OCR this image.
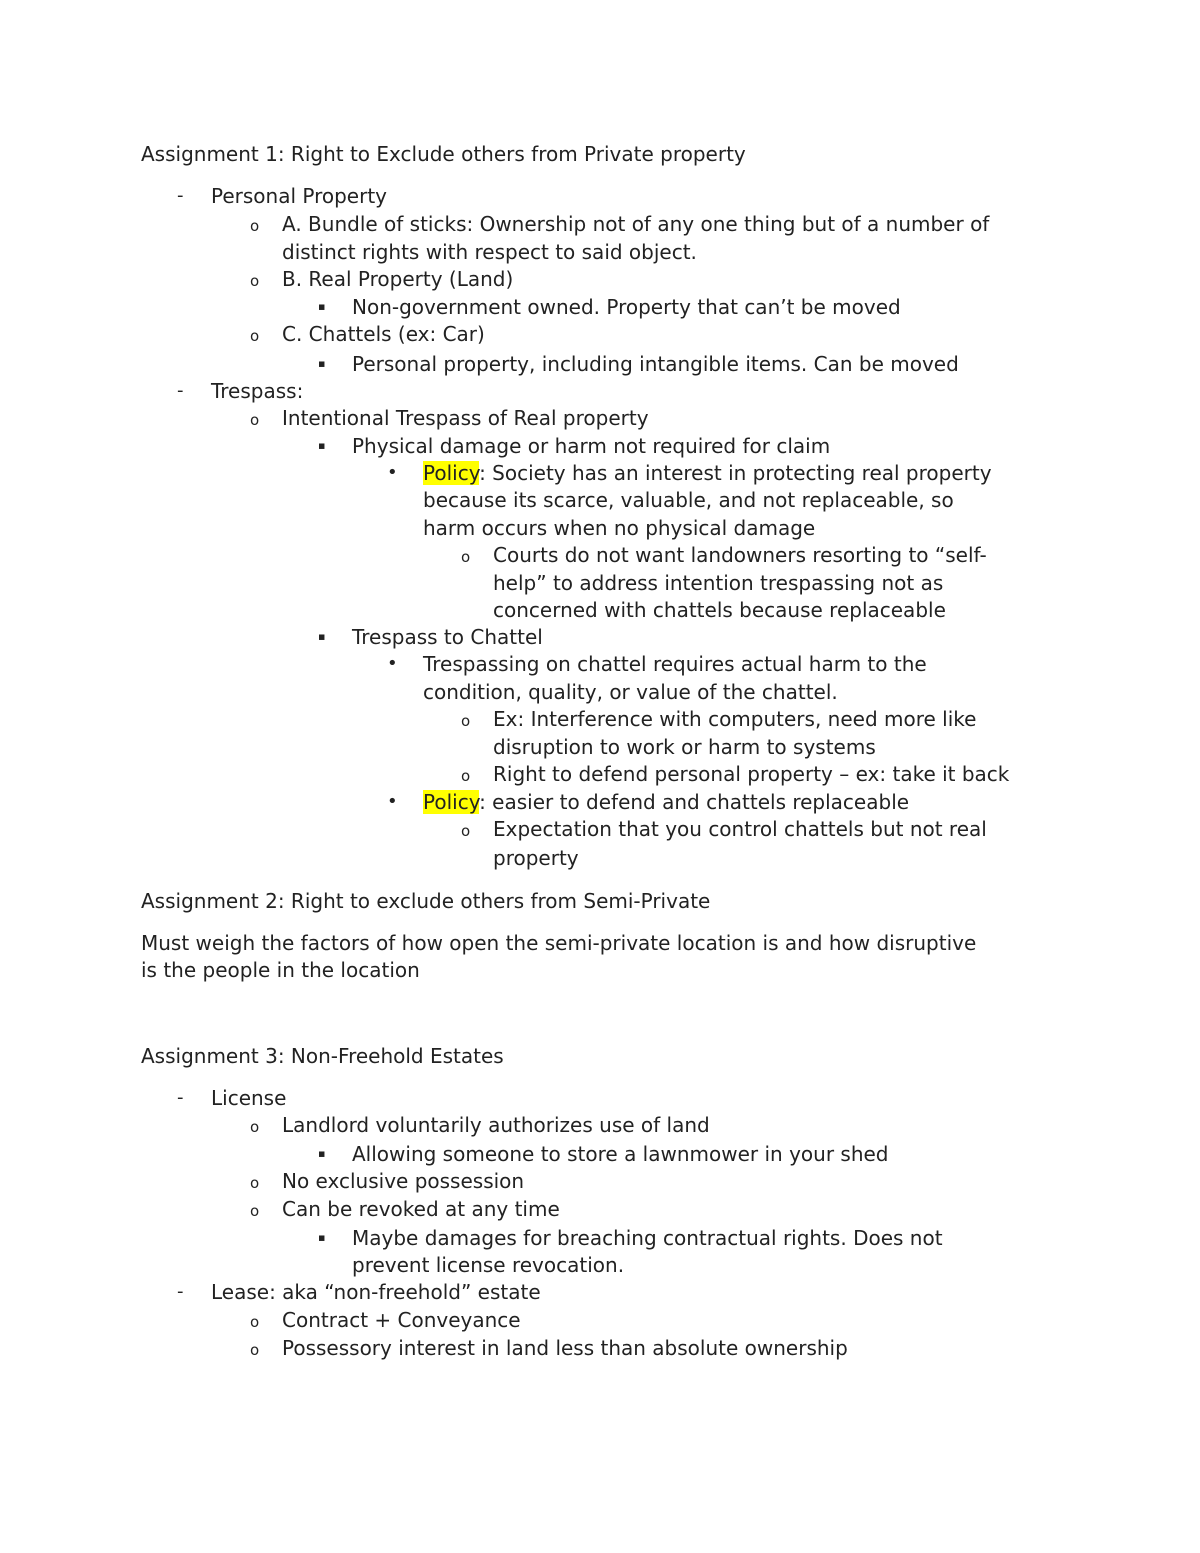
Assignment 1: Right to Exclude others from Private property
- Personal Property
o A. Bundle of sticks: Ownership not of any one thing but of a number of
distinct rights with respect to said object.
o B. Real Property (Land)
▪ Non-government owned. Property that can’t be moved
o C. Chattels (ex: Car)
▪ Personal property, including intangible items. Can be moved
- Trespass:
o Intentional Trespass of Real property
▪ Physical damage or harm not required for claim
• Policy: Society has an interest in protecting real property
because its scarce, valuable, and not replaceable, so
harm occurs when no physical damage
o Courts do not want landowners resorting to “self-
help” to address intention trespassing not as
concerned with chattels because replaceable
▪ Trespass to Chattel
• Trespassing on chattel requires actual harm to the
condition, quality, or value of the chattel.
o Ex: Interference with computers, need more like
disruption to work or harm to systems
o Right to defend personal property – ex: take it back
• Policy: easier to defend and chattels replaceable
o Expectation that you control chattels but not real
property
Assignment 2: Right to exclude others from Semi-Private
Must weigh the factors of how open the semi-private location is and how disruptive
is the people in the location
Assignment 3: Non-Freehold Estates
- License
o Landlord voluntarily authorizes use of land
▪ Allowing someone to store a lawnmower in your shed
o No exclusive possession
o Can be revoked at any time
▪ Maybe damages for breaching contractual rights. Does not
prevent license revocation.
- Lease: aka “non-freehold” estate
o Contract + Conveyance
o Possessory interest in land less than absolute ownership
